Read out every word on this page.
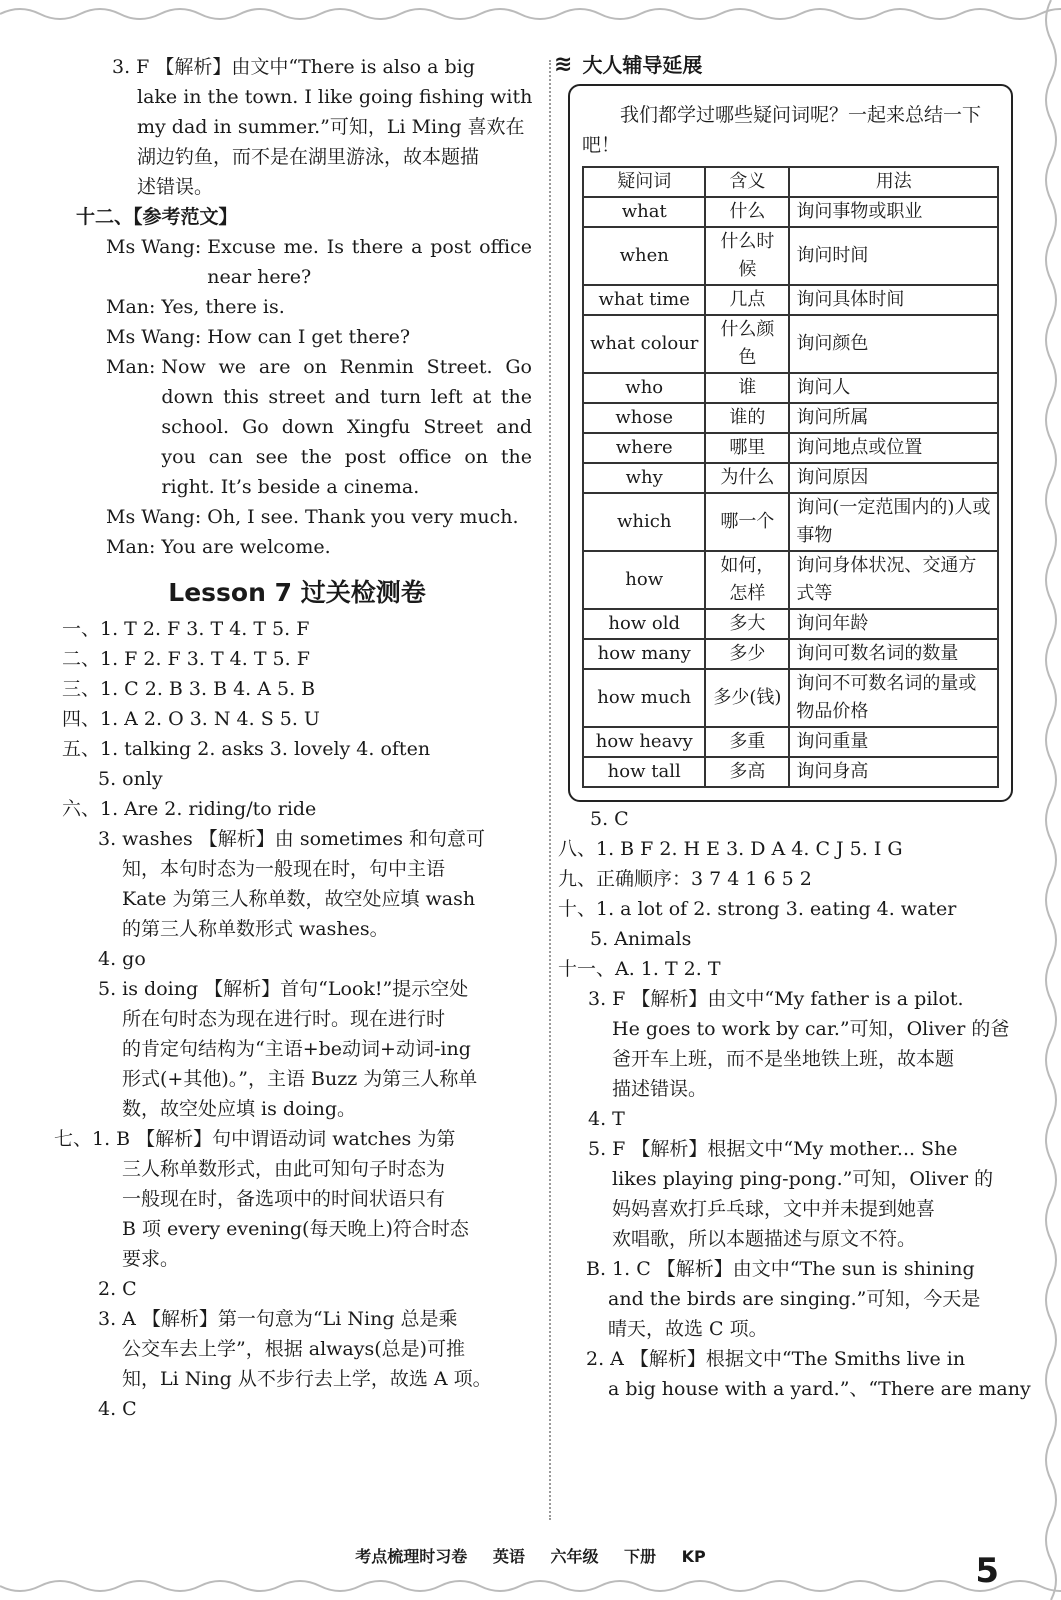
3. F 【解析】由文中“There is also a big
lake in the town. I like going fishing with
my dad in summer.”可知，Li Ming 喜欢在
湖边钓鱼，而不是在湖里游泳，故本题描
述错误。
十二、【参考范文】
Ms Wang: Excuse me. Is there a post office near here?
Man: Yes, there is.
Ms Wang: How can I get there?
Man: Now we are on Renmin Street. Go down this street and turn left at the school. Go down Xingfu Street and you can see the post office on the right. It’s beside a cinema.
Ms Wang: Oh, I see. Thank you very much.
Man: You are welcome.
Lesson 7 过关检测卷
一、1. T 2. F 3. T 4. T 5. F
二、1. F 2. F 3. T 4. T 5. F
三、1. C 2. B 3. B 4. A 5. B
四、1. A 2. O 3. N 4. S 5. U
五、1. talking 2. asks 3. lovely 4. often
5. only
六、1. Are 2. riding/to ride
3. washes 【解析】由 sometimes 和句意可
知，本句时态为一般现在时，句中主语
Kate 为第三人称单数，故空处应填 wash
的第三人称单数形式 washes。
4. go
5. is doing 【解析】首句“Look!”提示空处
所在句时态为现在进行时。现在进行时
的肯定句结构为“主语+be动词+动词-ing
形式(+其他)。”，主语 Buzz 为第三人称单
数，故空处应填 is doing。
七、1. B 【解析】句中谓语动词 watches 为第
三人称单数形式，由此可知句子时态为
一般现在时，备选项中的时间状语只有
B 项 every evening(每天晚上)符合时态
要求。
2. C
3. A 【解析】第一句意为“Li Ning 总是乘
公交车去上学”，根据 always(总是)可推
知，Li Ning 从不步行去上学，故选 A 项。
4. C
≋ 大人辅导延展
我们都学过哪些疑问词呢？一起来总结一下吧！
疑问词	含义	用法
what	什么	询问事物或职业
when	什么时候	询问时间
what time	几点	询问具体时间
what colour	什么颜色	询问颜色
who	谁	询问人
whose	谁的	询问所属
where	哪里	询问地点或位置
why	为什么	询问原因
which	哪一个	询问(一定范围内的)人或事物
how	如何，怎样	询问身体状况、交通方式等
how old	多大	询问年龄
how many	多少	询问可数名词的数量
how much	多少(钱)	询问不可数名词的量或物品价格
how heavy	多重	询问重量
how tall	多高	询问身高
5. C
八、1. B F 2. H E 3. D A 4. C J 5. I G
九、正确顺序：3 7 4 1 6 5 2
十、1. a lot of 2. strong 3. eating 4. water
5. Animals
十一、A. 1. T 2. T
3. F 【解析】由文中“My father is a pilot.
He goes to work by car.”可知，Oliver 的爸
爸开车上班，而不是坐地铁上班，故本题
描述错误。
4. T
5. F 【解析】根据文中“My mother... She
likes playing ping-pong.”可知，Oliver 的
妈妈喜欢打乒乓球，文中并未提到她喜
欢唱歌，所以本题描述与原文不符。
B. 1. C 【解析】由文中“The sun is shining
and the birds are singing.”可知，今天是
晴天，故选 C 项。
2. A 【解析】根据文中“The Smiths live in
a big house with a yard.”、“There are many
考点梳理时习卷 英语 六年级 下册 KP	5
